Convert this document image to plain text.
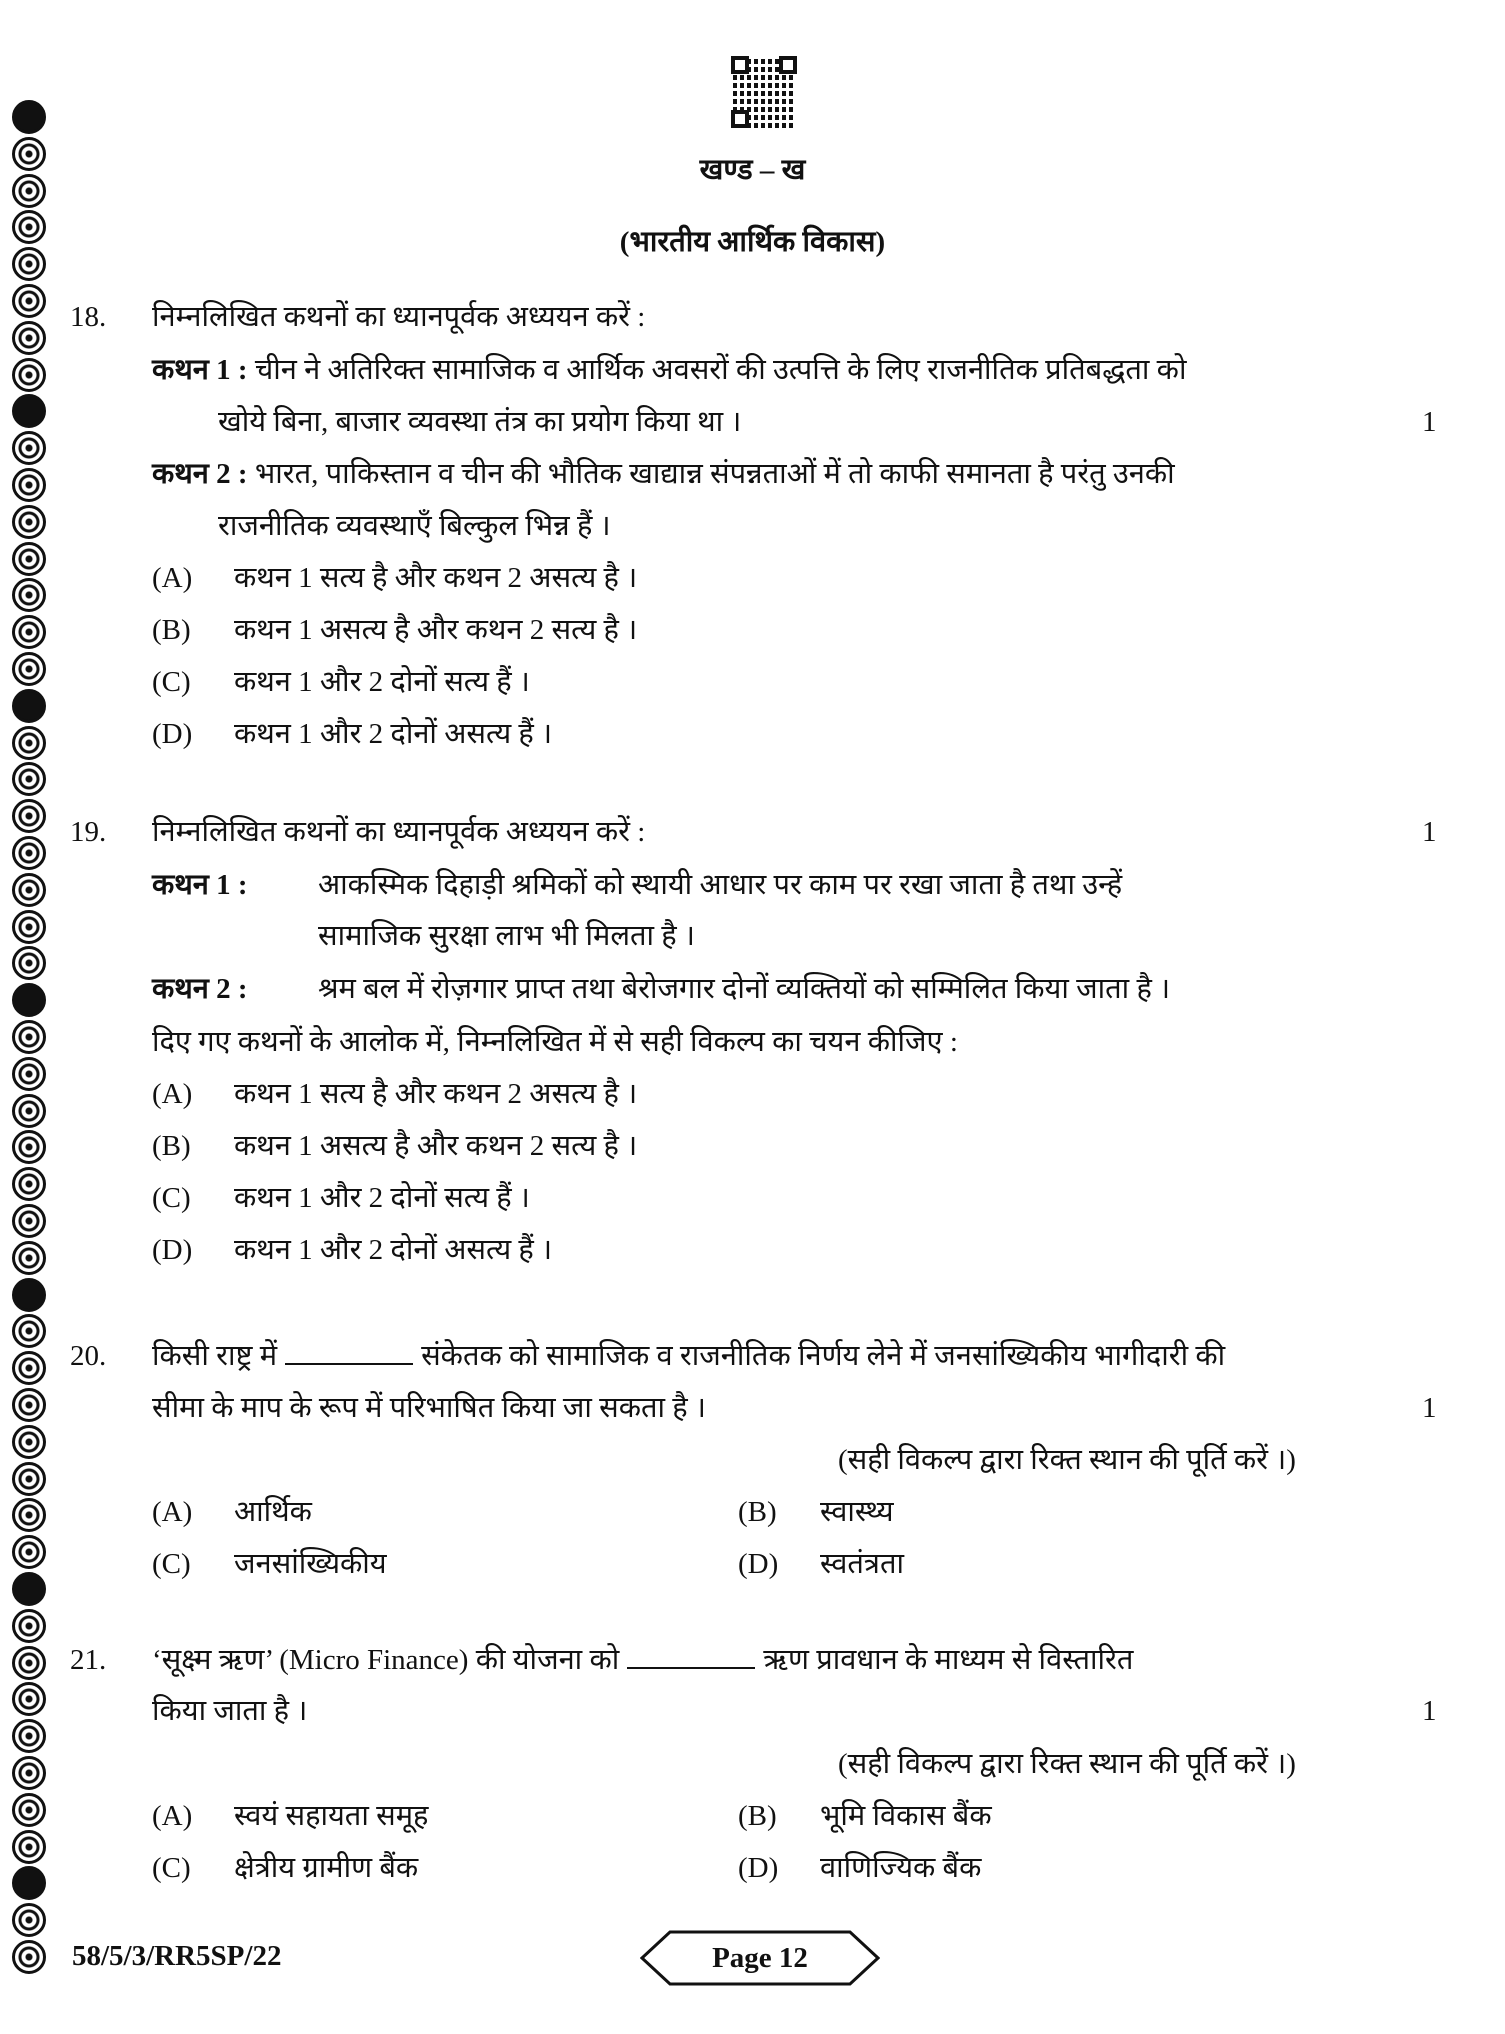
खण्ड – ख
(भारतीय आर्थिक विकास)
18. निम्नलिखित कथनों का ध्यानपूर्वक अध्ययन करें :
कथन 1 : चीन ने अतिरिक्त सामाजिक व आर्थिक अवसरों की उत्पत्ति के लिए राजनीतिक प्रतिबद्धता को
खोये बिना, बाजार व्यवस्था तंत्र का प्रयोग किया था ।	1
कथन 2 : भारत, पाकिस्तान व चीन की भौतिक खाद्यान्न संपन्नताओं में तो काफी समानता है परंतु उनकी
राजनीतिक व्यवस्थाएँ बिल्कुल भिन्न हैं ।
(A) कथन 1 सत्य है और कथन 2 असत्य है ।
(B) कथन 1 असत्य है और कथन 2 सत्य है ।
(C) कथन 1 और 2 दोनों सत्य हैं ।
(D) कथन 1 और 2 दोनों असत्य हैं ।
19. निम्नलिखित कथनों का ध्यानपूर्वक अध्ययन करें :	1
कथन 1 : आकस्मिक दिहाड़ी श्रमिकों को स्थायी आधार पर काम पर रखा जाता है तथा उन्हें
सामाजिक सुरक्षा लाभ भी मिलता है ।
कथन 2 : श्रम बल में रोज़गार प्राप्त तथा बेरोजगार दोनों व्यक्तियों को सम्मिलित किया जाता है ।
दिए गए कथनों के आलोक में, निम्नलिखित में से सही विकल्प का चयन कीजिए :
(A) कथन 1 सत्य है और कथन 2 असत्य है ।
(B) कथन 1 असत्य है और कथन 2 सत्य है ।
(C) कथन 1 और 2 दोनों सत्य हैं ।
(D) कथन 1 और 2 दोनों असत्य हैं ।
20. किसी राष्ट्र में	संकेतक को सामाजिक व राजनीतिक निर्णय लेने में जनसांख्यिकीय भागीदारी की
सीमा के माप के रूप में परिभाषित किया जा सकता है ।	1
(सही विकल्प द्वारा रिक्त स्थान की पूर्ति करें ।)
(A) आर्थिक	(B) स्वास्थ्य
(C) जनसांख्यिकीय	(D) स्वतंत्रता
21. ‘सूक्ष्म ऋण’ (Micro Finance) की योजना को	ऋण प्रावधान के माध्यम से विस्तारित
किया जाता है ।	1
(सही विकल्प द्वारा रिक्त स्थान की पूर्ति करें ।)
(A) स्वयं सहायता समूह	(B) भूमि विकास बैंक
(C) क्षेत्रीय ग्रामीण बैंक	(D) वाणिज्यिक बैंक
58/5/3/RR5SP/22	Page 12
